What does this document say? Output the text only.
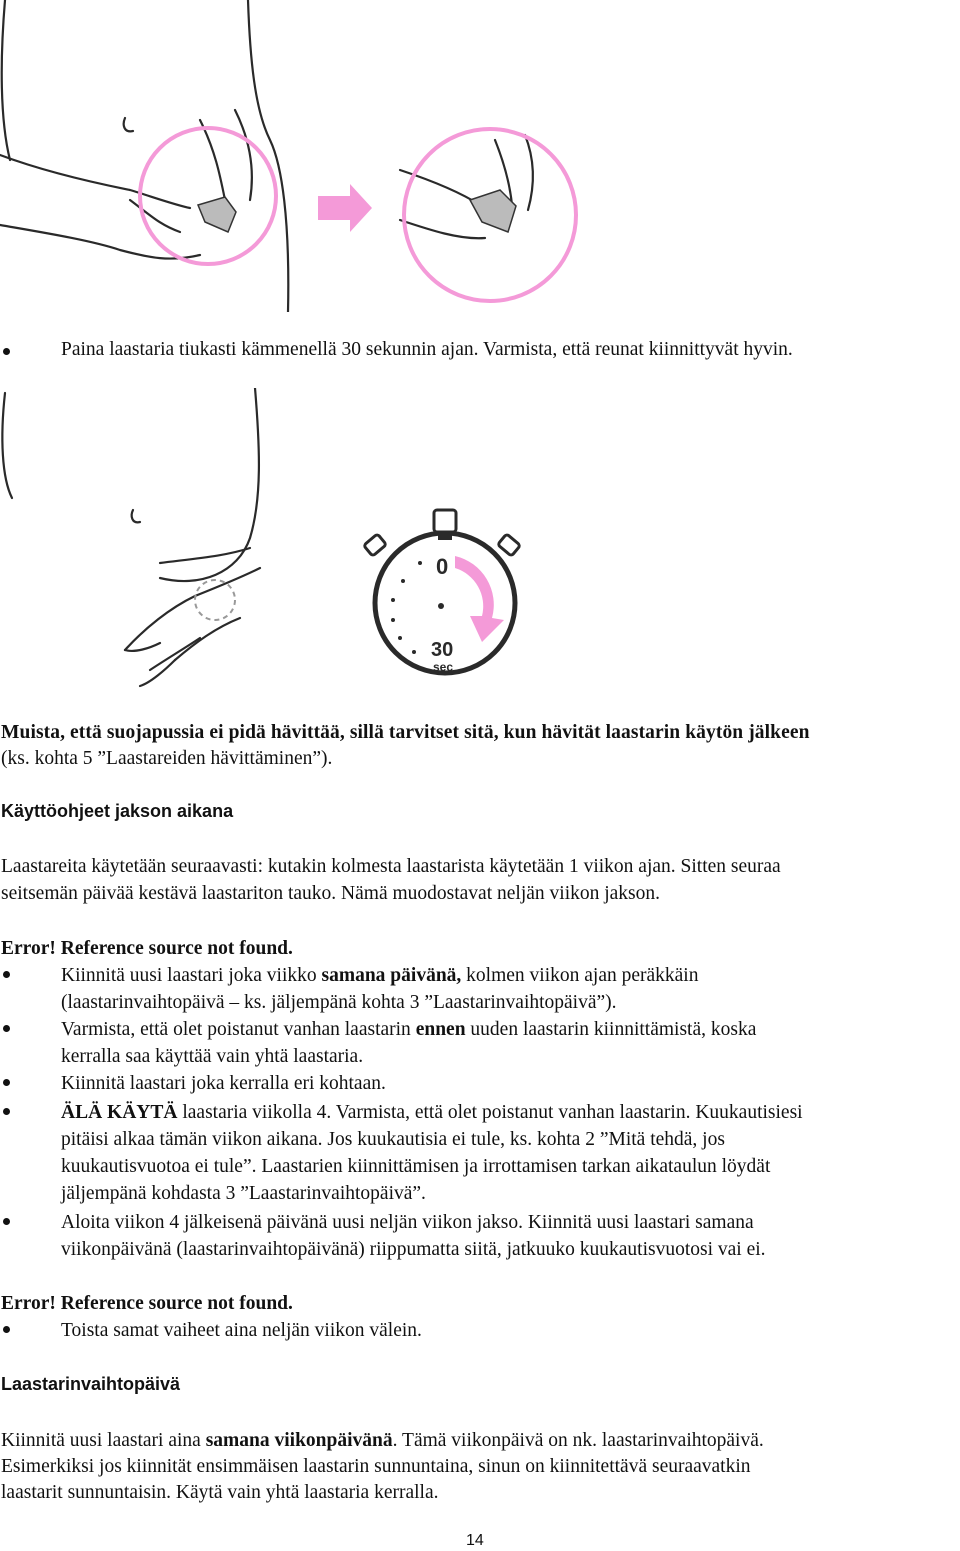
Paina laastaria tiukasti kämmenellä 30 sekunnin ajan. Varmista, että reunat kiinnittyvät hyvin.
0
30
sec
Muista, että suojapussia ei pidä hävittää, sillä tarvitset sitä, kun hävität laastarin käytön jälkeen
(ks. kohta 5 ”Laastareiden hävittäminen”).
Käyttöohjeet jakson aikana
Laastareita käytetään seuraavasti: kutakin kolmesta laastarista käytetään 1 viikon ajan. Sitten seuraa
seitsemän päivää kestävä laastariton tauko. Nämä muodostavat neljän viikon jakson.
Error! Reference source not found.
Kiinnitä uusi laastari joka viikko samana päivänä, kolmen viikon ajan peräkkäin
(laastarinvaihtopäivä – ks. jäljempänä kohta 3 ”Laastarinvaihtopäivä”).
Varmista, että olet poistanut vanhan laastarin ennen uuden laastarin kiinnittämistä, koska
kerralla saa käyttää vain yhtä laastaria.
Kiinnitä laastari joka kerralla eri kohtaan.
ÄLÄ KÄYTÄ laastaria viikolla 4. Varmista, että olet poistanut vanhan laastarin. Kuukautisiesi
pitäisi alkaa tämän viikon aikana. Jos kuukautisia ei tule, ks. kohta 2 ”Mitä tehdä, jos
kuukautisvuotoa ei tule”. Laastarien kiinnittämisen ja irrottamisen tarkan aikataulun löydät
jäljempänä kohdasta 3 ”Laastarinvaihtopäivä”.
Aloita viikon 4 jälkeisenä päivänä uusi neljän viikon jakso. Kiinnitä uusi laastari samana
viikonpäivänä (laastarinvaihtopäivänä) riippumatta siitä, jatkuuko kuukautisvuotosi vai ei.
Error! Reference source not found.
Toista samat vaiheet aina neljän viikon välein.
Laastarinvaihtopäivä
Kiinnitä uusi laastari aina samana viikonpäivänä. Tämä viikonpäivä on nk. laastarinvaihtopäivä.
Esimerkiksi jos kiinnität ensimmäisen laastarin sunnuntaina, sinun on kiinnitettävä seuraavatkin
laastarit sunnuntaisin. Käytä vain yhtä laastaria kerralla.
14
